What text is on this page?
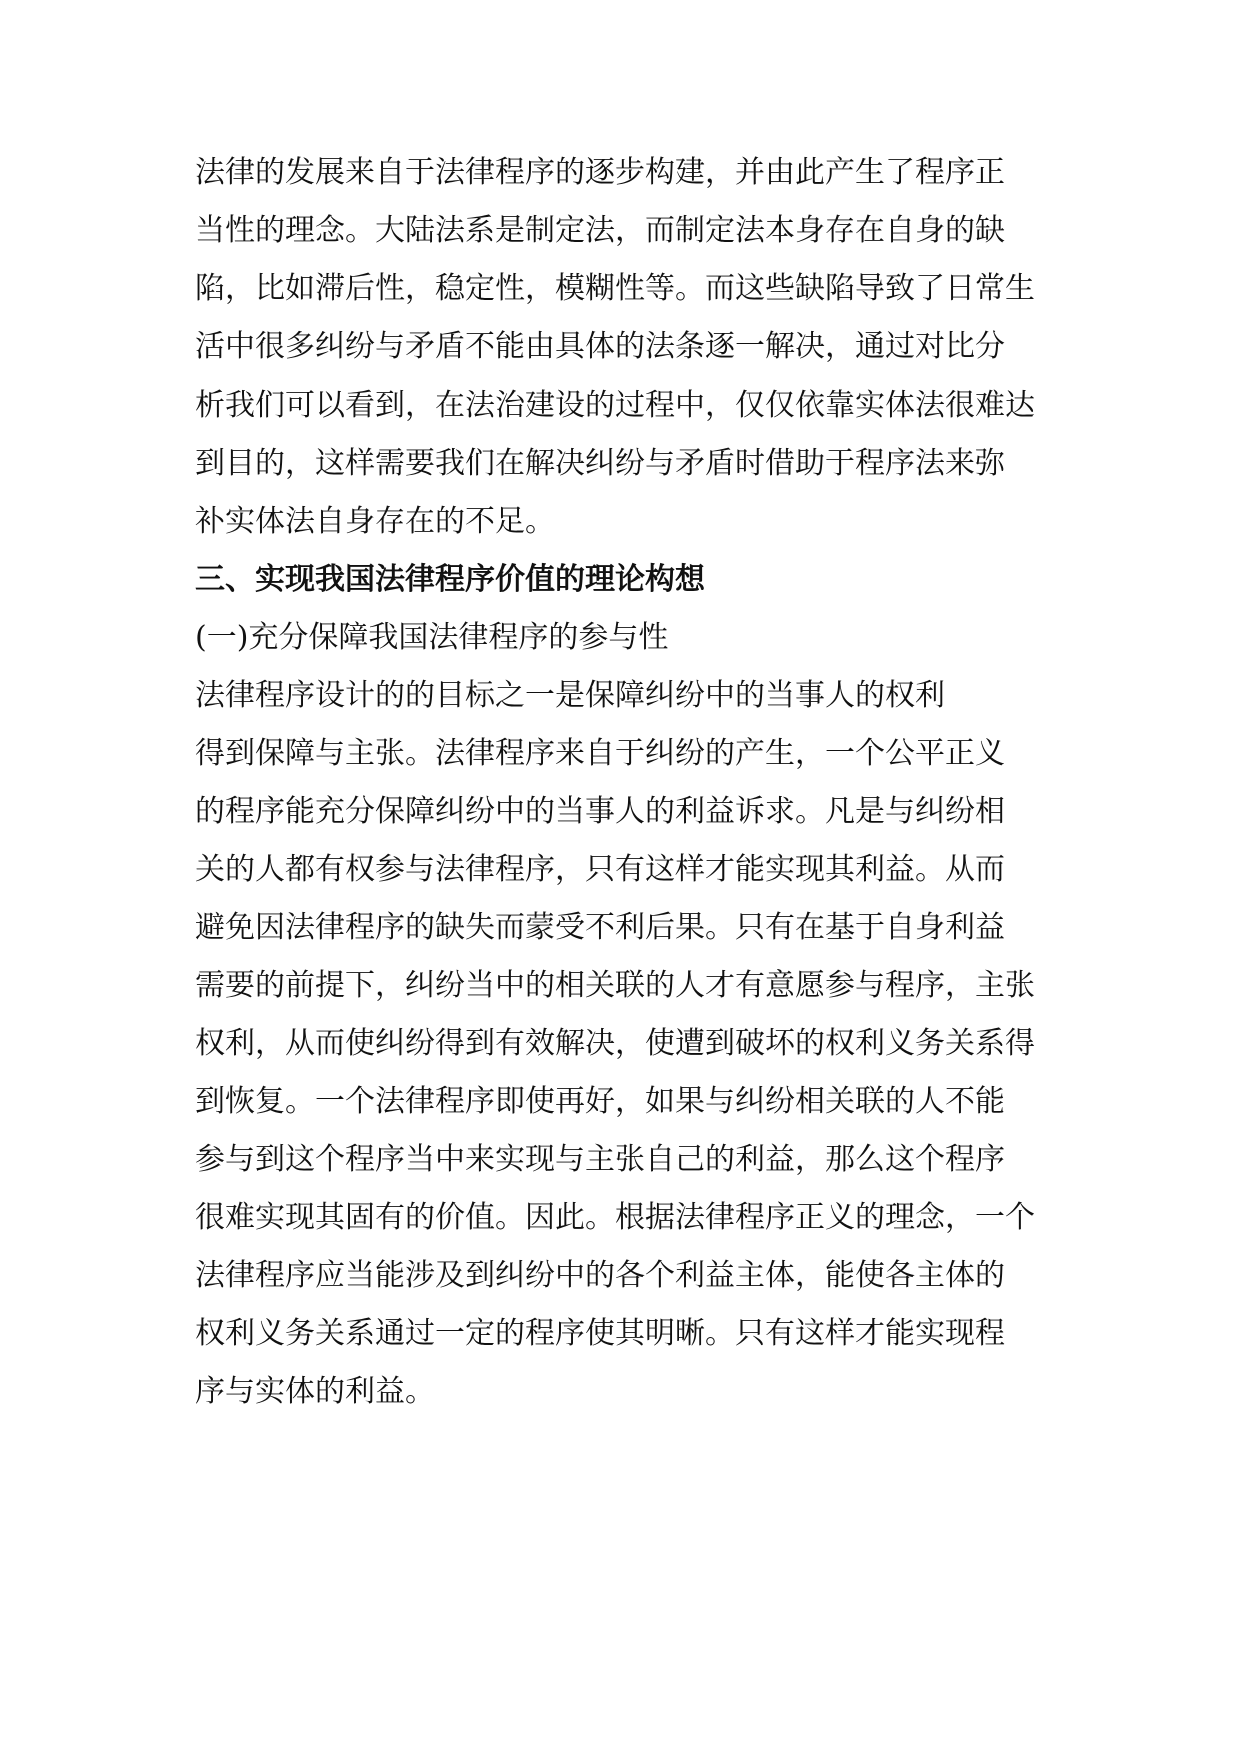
法律的发展来自于法律程序的逐步构建，并由此产生了程序正
当性的理念。大陆法系是制定法，而制定法本身存在自身的缺
陷，比如滞后性，稳定性，模糊性等。而这些缺陷导致了日常生
活中很多纠纷与矛盾不能由具体的法条逐一解决，通过对比分
析我们可以看到，在法治建设的过程中，仅仅依靠实体法很难达
到目的，这样需要我们在解决纠纷与矛盾时借助于程序法来弥
补实体法自身存在的不足。
三、实现我国法律程序价值的理论构想
(一)充分保障我国法律程序的参与性
法律程序设计的的目标之一是保障纠纷中的当事人的权利
得到保障与主张。法律程序来自于纠纷的产生，一个公平正义
的程序能充分保障纠纷中的当事人的利益诉求。凡是与纠纷相
关的人都有权参与法律程序，只有这样才能实现其利益。从而
避免因法律程序的缺失而蒙受不利后果。只有在基于自身利益
需要的前提下，纠纷当中的相关联的人才有意愿参与程序，主张
权利，从而使纠纷得到有效解决，使遭到破坏的权利义务关系得
到恢复。一个法律程序即使再好，如果与纠纷相关联的人不能
参与到这个程序当中来实现与主张自己的利益，那么这个程序
很难实现其固有的价值。因此。根据法律程序正义的理念，一个
法律程序应当能涉及到纠纷中的各个利益主体，能使各主体的
权利义务关系通过一定的程序使其明晰。只有这样才能实现程
序与实体的利益。
